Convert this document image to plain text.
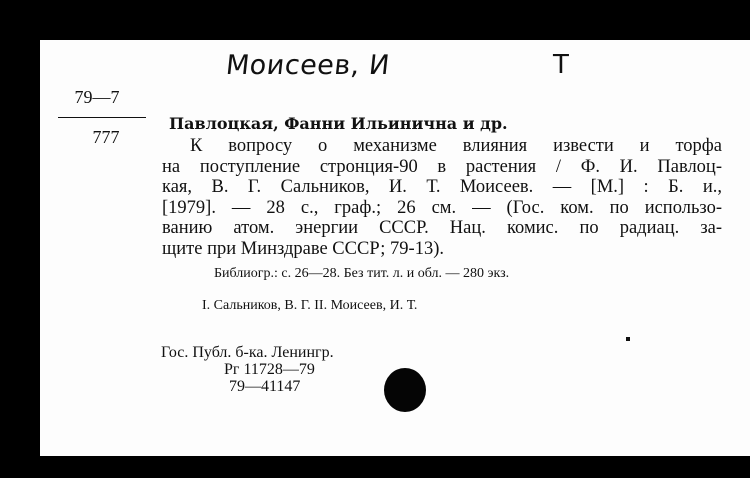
Моисеев, И	Т
79—7
777
Павлоцкая, Фанни Ильинична и др.
К вопросу о механизме влияния извести и торфа
на поступление стронция-90 в растения / Ф. И. Павлоц-
кая, В. Г. Сальников, И. Т. Моисеев. — [М.] : Б. и.,
[1979]. — 28 с., граф.; 26 см. — (Гос. ком. по использо-
ванию атом. энергии СССР. Нац. комис. по радиац. за-
щите при Минздраве СССР; 79-13).
Библиогр.: с. 26—28. Без тит. л. и обл. — 280 экз.
I. Сальников, В. Г. II. Моисеев, И. Т.
Гос. Публ. б-ка. Ленингр.
Рг 11728—79
79—41147
